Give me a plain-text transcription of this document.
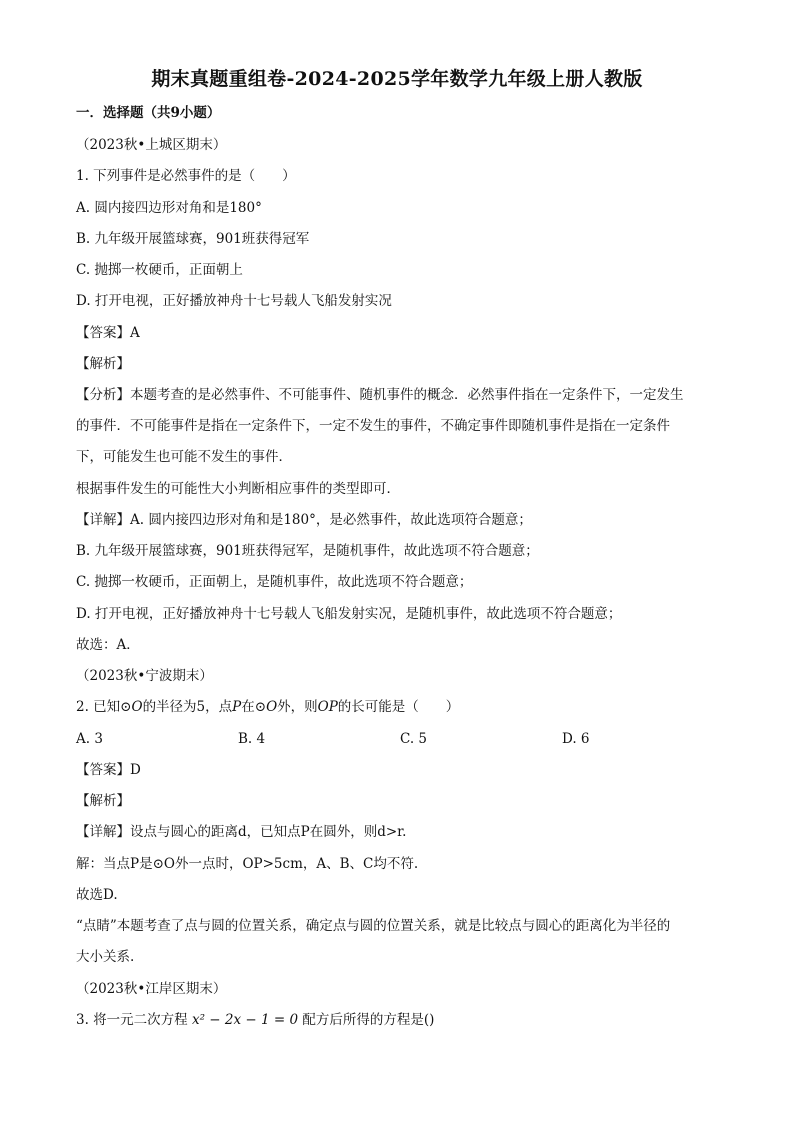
期末真题重组卷-2024-2025学年数学九年级上册人教版
一．选择题（共9小题）
（2023秋•上城区期末）
1. 下列事件是必然事件的是（　　）
A. 圆内接四边形对角和是180°
B. 九年级开展篮球赛，901班获得冠军
C. 抛掷一枚硬币，正面朝上
D. 打开电视，正好播放神舟十七号载人飞船发射实况
【答案】A
【解析】
【分析】本题考查的是必然事件、不可能事件、随机事件的概念．必然事件指在一定条件下，一定发生
的事件．不可能事件是指在一定条件下，一定不发生的事件，不确定事件即随机事件是指在一定条件
下，可能发生也可能不发生的事件．
根据事件发生的可能性大小判断相应事件的类型即可．
【详解】A. 圆内接四边形对角和是180°，是必然事件，故此选项符合题意；
B. 九年级开展篮球赛，901班获得冠军，是随机事件，故此选项不符合题意；
C. 抛掷一枚硬币，正面朝上，是随机事件，故此选项不符合题意；
D. 打开电视，正好播放神舟十七号载人飞船发射实况，是随机事件，故此选项不符合题意；
故选：A．
（2023秋•宁波期末）
2. 已知⊙O的半径为5，点P在⊙O外，则OP的长可能是（　　）
A. 3	B. 4	C. 5	D. 6
【答案】D
【解析】
【详解】设点与圆心的距离d，已知点P在圆外，则d>r.
解：当点P是⊙O外一点时，OP>5cm，A、B、C均不符.
故选D.
“点睛”本题考查了点与圆的位置关系，确定点与圆的位置关系，就是比较点与圆心的距离化为半径的
大小关系.
（2023秋•江岸区期末）
3. 将一元二次方程 x² − 2x − 1 = 0 配方后所得的方程是()
